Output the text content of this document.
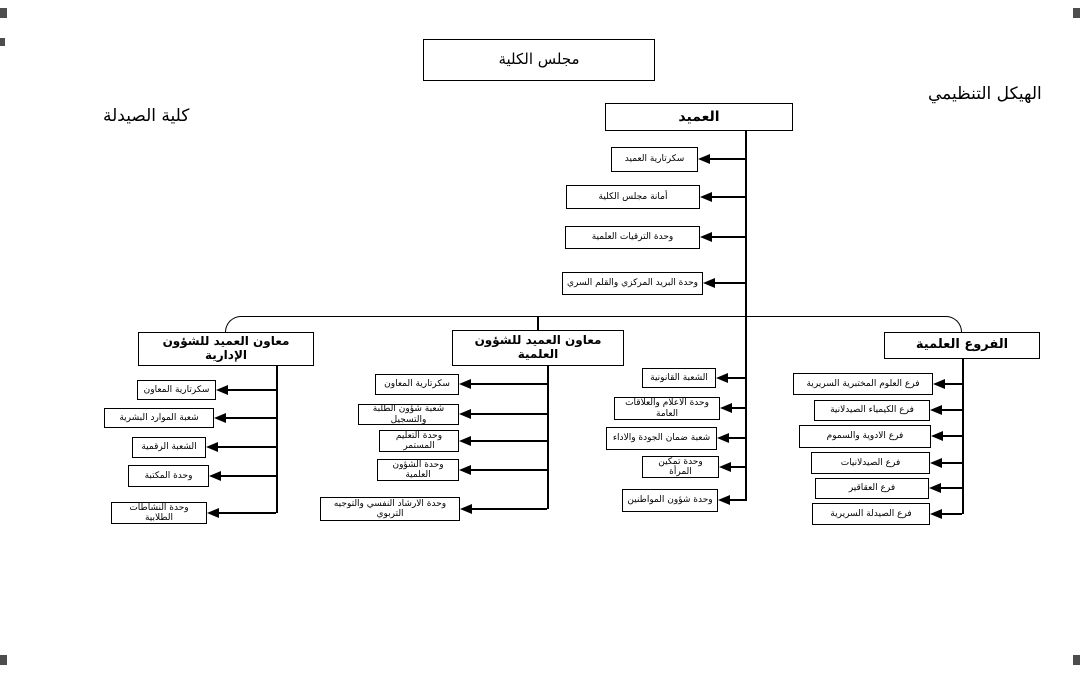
الهيكل التنظيمي
كلية الصيدلة
مجلس الكلية
العميد
سكرتارية العميد
أمانة مجلس الكلية
وحدة الترقيات العلمية
وحدة البريد المركزي والقلم السري
معاون العميد للشؤون الإدارية
معاون العميد للشؤون العلمية
الفروع العلمية
سكرتارية المعاون
شعبة الموارد البشرية
الشعبة الرقمية
وحدة المكتبة
وحدة النشاطات الطلابية
سكرتارية المعاون
شعبة شؤون الطلبة والتسجيل
وحدة التعليم المستمر
وحدة الشؤون العلمية
وحدة الارشاد النفسي والتوجيه التربوي
الشعبة القانونية
وحدة الاعلام والعلاقات العامة
شعبة ضمان الجودة والاداء
وحدة تمكين المرأة
وحدة شؤون المواطنين
فرع العلوم المختبرية السريرية
فرع الكيمياء الصيدلانية
فرع الادوية والسموم
فرع الصيدلانيات
فرع العقاقير
فرع الصيدلة السريرية
